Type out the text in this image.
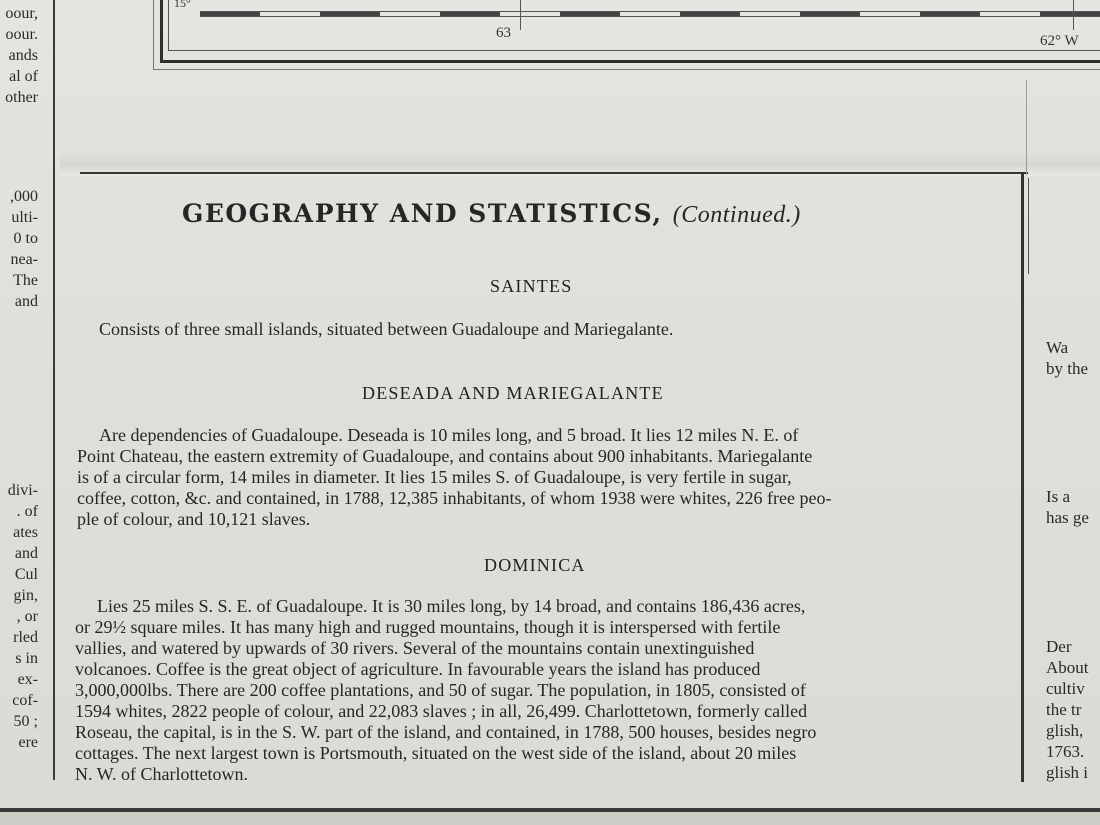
15°
63	62° W
oour,
oour.
ands
al of
other
,000
ulti-
0 to
nea-
The
and
divi-
. of
ates
and
Cul
gin,
, or
rled
s in
ex-
cof-
50 ;
ere
GEOGRAPHY AND STATISTICS, (Continued.)
SAINTES
Consists of three small islands, situated between Guadaloupe and Mariegalante.
DESEADA AND MARIEGALANTE
Are dependencies of Guadaloupe. Deseada is 10 miles long, and 5 broad. It lies 12 miles N. E. of
Point Chateau, the eastern extremity of Guadaloupe, and contains about 900 inhabitants. Mariegalante
is of a circular form, 14 miles in diameter. It lies 15 miles S. of Guadaloupe, is very fertile in sugar,
coffee, cotton, &c. and contained, in 1788, 12,385 inhabitants, of whom 1938 were whites, 226 free peo-
ple of colour, and 10,121 slaves.
DOMINICA
Lies 25 miles S. S. E. of Guadaloupe. It is 30 miles long, by 14 broad, and contains 186,436 acres,
or 29½ square miles. It has many high and rugged mountains, though it is interspersed with fertile
vallies, and watered by upwards of 30 rivers. Several of the mountains contain unextinguished
volcanoes. Coffee is the great object of agriculture. In favourable years the island has produced
3,000,000lbs. There are 200 coffee plantations, and 50 of sugar. The population, in 1805, consisted of
1594 whites, 2822 people of colour, and 22,083 slaves ; in all, 26,499. Charlottetown, formerly called
Roseau, the capital, is in the S. W. part of the island, and contained, in 1788, 500 houses, besides negro
cottages. The next largest town is Portsmouth, situated on the west side of the island, about 20 miles
N. W. of Charlottetown.
Wa
by the
Is a
has ge
Der
About
cultiv
the tr
glish,
1763.
glish i
